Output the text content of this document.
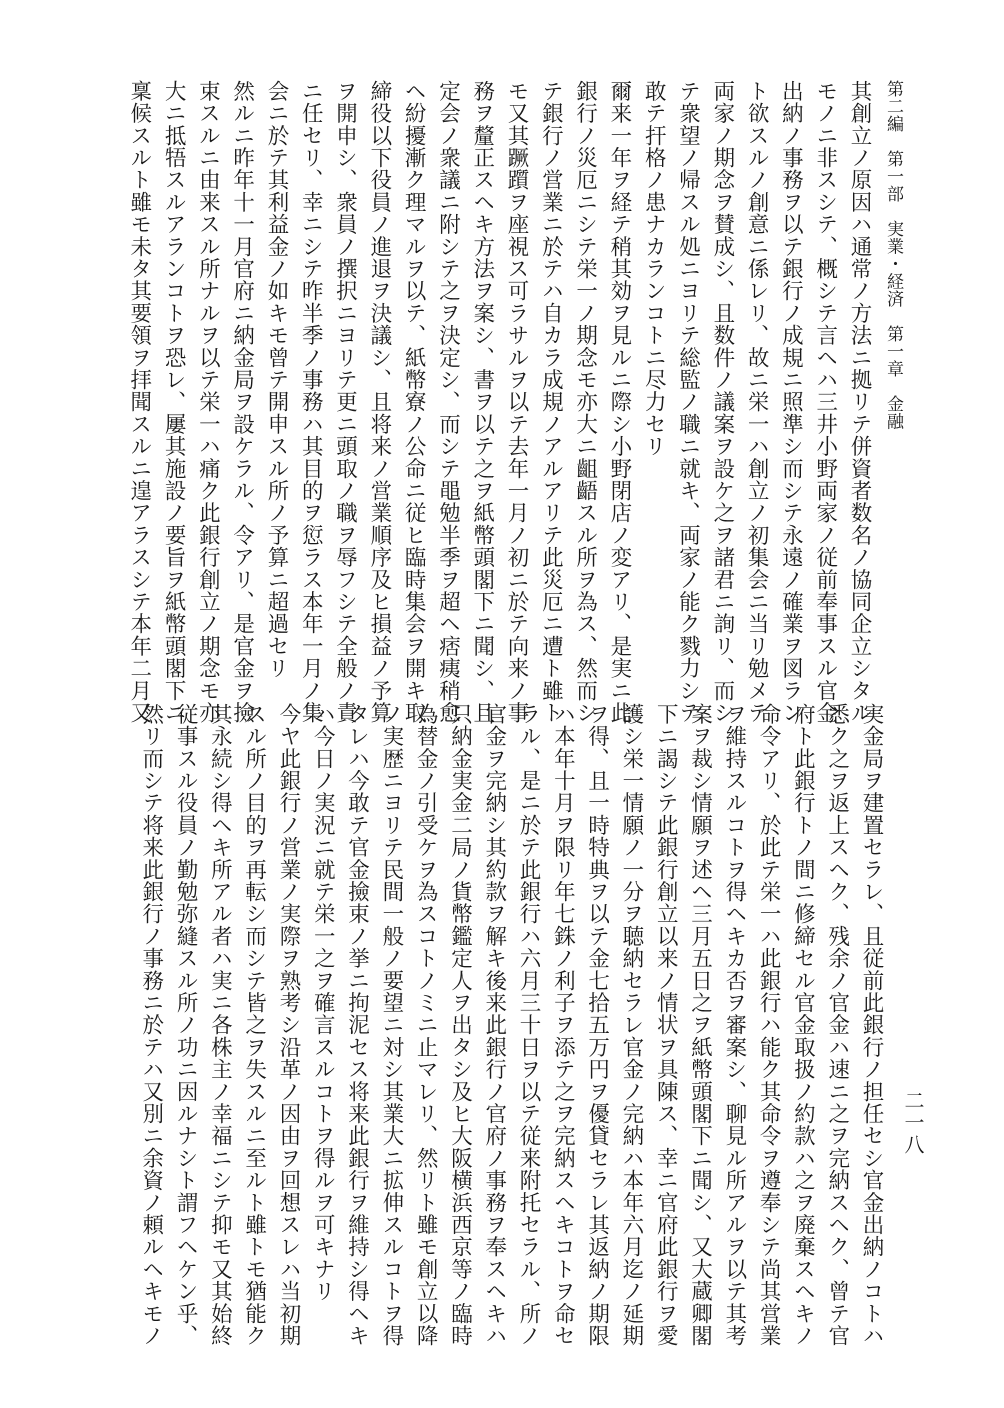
第二編　第一部　実業・経済　第一章　金融
二一八
其創立ノ原因ハ通常ノ方法ニ拠リテ併資者数名ノ協同企立シタル
モノニ非スシテ、概シテ言ヘハ三井小野両家ノ従前奉事スル官金
出納ノ事務ヲ以テ銀行ノ成規ニ照準シ而シテ永遠ノ確業ヲ図ラン
ト欲スルノ創意ニ係レリ、故ニ栄一ハ創立ノ初集会ニ当リ勉メテ
両家ノ期念ヲ賛成シ、且数件ノ議案ヲ設ケ之ヲ諸君ニ詢リ、而シ
テ衆望ノ帰スル処ニヨリテ総監ノ職ニ就キ、両家ノ能ク戮力シテ
敢テ扞格ノ患ナカランコトニ尽力セリ
爾来一年ヲ経テ稍其効ヲ見ルニ際シ小野閉店ノ変アリ、是実ニ此
銀行ノ災厄ニシテ栄一ノ期念モ亦大ニ齟齬スル所ヲ為ス、然而シ
テ銀行ノ営業ニ於テハ自カラ成規ノアルアリテ此災厄ニ遭ト雖ト
モ又其蹶躓ヲ座視ス可ラサルヲ以テ去年一月ノ初ニ於テ向来ノ事
務ヲ釐正スヘキ方法ヲ案シ、書ヲ以テ之ヲ紙幣頭閣下ニ聞シ、且
定会ノ衆議ニ附シテ之ヲ決定シ、而シテ黽勉半季ヲ超ヘ痞痍稍愈
ヘ紛擾漸ク理マルヲ以テ、紙幣寮ノ公命ニ従ヒ臨時集会ヲ開キ取
締役以下役員ノ進退ヲ決議シ、且将来ノ営業順序及ヒ損益ノ予算
ヲ開申シ、衆員ノ撰択ニヨリテ更ニ頭取ノ職ヲ辱フシテ全般ノ責
ニ任セリ、幸ニシテ昨半季ノ事務ハ其目的ヲ愆ラス本年一月ノ集
会ニ於テ其利益金ノ如キモ曾テ開申スル所ノ予算ニ超過セリ
然ルニ昨年十一月官府ニ納金局ヲ設ケラル、令アリ、是官金ヲ撿
束スルニ由来スル所ナルヲ以テ栄一ハ痛ク此銀行創立ノ期念モ亦
大ニ抵牾スルアランコトヲ恐レ、屢其施設ノ要旨ヲ紙幣頭閣下ニ
稟候スルト雖モ未タ其要領ヲ拝聞スルニ遑アラスシテ本年二月又
実金局ヲ建置セラレ、且従前此銀行ノ担任セシ官金出納ノコトハ
悉ク之ヲ返上スヘク、残余ノ官金ハ速ニ之ヲ完納スヘク、曾テ官
府ト此銀行トノ間ニ修締セル官金取扱ノ約款ハ之ヲ廃棄スヘキノ
命令アリ、於此テ栄一ハ此銀行ハ能ク其命令ヲ遵奉シテ尚其営業
ヲ維持スルコトヲ得ヘキカ否ヲ審案シ、聊見ル所アルヲ以テ其考
案ヲ裁シ情願ヲ述ヘ三月五日之ヲ紙幣頭閣下ニ聞シ、又大蔵卿閣
下ニ謁シテ此銀行創立以来ノ情状ヲ具陳ス、幸ニ官府此銀行ヲ愛
護シ栄一情願ノ一分ヲ聴納セラレ官金ノ完納ハ本年六月迄ノ延期
ヲ得、且一時特典ヲ以テ金七拾五万円ヲ優貸セラレ其返納ノ期限
ハ本年十月ヲ限リ年七銖ノ利子ヲ添テ之ヲ完納スヘキコトヲ命セ
ラル、是ニ於テ此銀行ハ六月三十日ヲ以テ従来附托セラル、所ノ
官金ヲ完納シ其約款ヲ解キ後来此銀行ノ官府ノ事務ヲ奉スヘキハ
只納金実金二局ノ貨幣鑑定人ヲ出タシ及ヒ大阪横浜西京等ノ臨時
為替金ノ引受ケヲ為スコトノミニ止マレリ、然リト雖モ創立以降
ノ実歴ニヨリテ民間一般ノ要望ニ対シ其業大ニ拡伸スルコトヲ得
タレハ今敢テ官金撿束ノ挙ニ拘泥セス将来此銀行ヲ維持シ得ヘキ
ハ今日ノ実況ニ就テ栄一之ヲ確言スルコトヲ得ルヲ可キナリ
今ヤ此銀行ノ営業ノ実際ヲ熟考シ沿革ノ因由ヲ回想スレハ当初期
スル所ノ目的ヲ再転シ而シテ皆之ヲ失スルニ至ルト雖トモ猶能ク
其永続シ得ヘキ所アル者ハ実ニ各株主ノ幸福ニシテ抑モ又其始終
従事スル役員ノ勤勉弥縫スル所ノ功ニ因ルナシト謂フヘケン乎、
然リ而シテ将来此銀行ノ事務ニ於テハ又別ニ余資ノ頼ルヘキモノ
